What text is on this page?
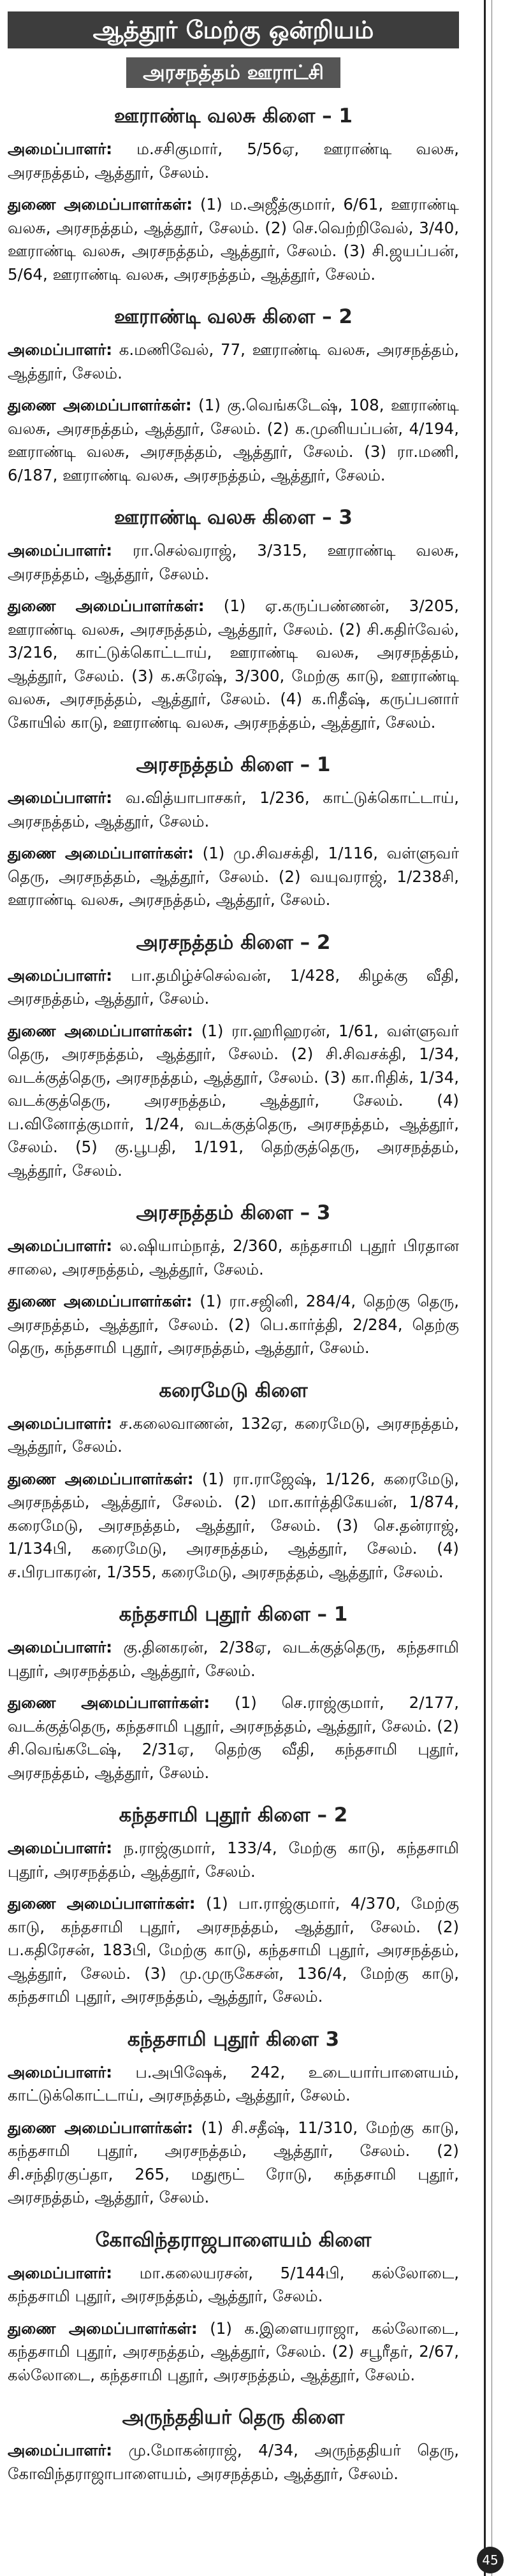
ஆத்தூர் மேற்கு ஒன்றியம்
அரசநத்தம் ஊராட்சி
ஊராண்டி வலசு கிளை – 1
அமைப்பாளர்: ம.சசிகுமார், 5/56ஏ, ஊராண்டி வலசு, அரசநத்தம், ஆத்தூர், சேலம்.
துணை அமைப்பாளர்கள்: (1) ம.அஜீத்குமார், 6/61, ஊராண்டி வலசு, அரசநத்தம், ஆத்தூர், சேலம். (2) செ.வெற்றிவேல், 3/40, ஊராண்டி வலசு, அரசநத்தம், ஆத்தூர், சேலம். (3) சி.ஜயப்பன், 5/64, ஊராண்டி வலசு, அரசநத்தம், ஆத்தூர், சேலம்.
ஊராண்டி வலசு கிளை – 2
அமைப்பாளர்: க.மணிவேல், 77, ஊராண்டி வலசு, அரசநத்தம், ஆத்தூர், சேலம்.
துணை அமைப்பாளர்கள்: (1) கு.வெங்கடேஷ், 108, ஊராண்டி வலசு, அரசநத்தம், ஆத்தூர், சேலம். (2) க.முனியப்பன், 4/194, ஊராண்டி வலசு, அரசநத்தம், ஆத்தூர், சேலம். (3) ரா.மணி, 6/187, ஊராண்டி வலசு, அரசநத்தம், ஆத்தூர், சேலம்.
ஊராண்டி வலசு கிளை – 3
அமைப்பாளர்: ரா.செல்வராஜ், 3/315, ஊராண்டி வலசு, அரசநத்தம், ஆத்தூர், சேலம்.
துணை அமைப்பாளர்கள்: (1) ஏ.கருப்பண்ணன், 3/205, ஊராண்டி வலசு, அரசநத்தம், ஆத்தூர், சேலம். (2) சி.கதிர்வேல், 3/216, காட்டுக்கொட்டாய், ஊராண்டி வலசு, அரசநத்தம், ஆத்தூர், சேலம். (3) க.சுரேஷ், 3/300, மேற்கு காடு, ஊராண்டி வலசு, அரசநத்தம், ஆத்தூர், சேலம். (4) க.ரிதீஷ், கருப்பனார் கோயில் காடு, ஊராண்டி வலசு, அரசநத்தம், ஆத்தூர், சேலம்.
அரசநத்தம் கிளை – 1
அமைப்பாளர்: வ.வித்யாபாசகர், 1/236, காட்டுக்கொட்டாய், அரசநத்தம், ஆத்தூர், சேலம்.
துணை அமைப்பாளர்கள்: (1) மு.சிவசக்தி, 1/116, வள்ளுவர் தெரு, அரசநத்தம், ஆத்தூர், சேலம். (2) வயுவராஜ், 1/238சி, ஊராண்டி வலசு, அரசநத்தம், ஆத்தூர், சேலம்.
அரசநத்தம் கிளை – 2
அமைப்பாளர்: பா.தமிழ்ச்செல்வன், 1/428, கிழக்கு வீதி, அரசநத்தம், ஆத்தூர், சேலம்.
துணை அமைப்பாளர்கள்: (1) ரா.ஹரிஹரன், 1/61, வள்ளுவர் தெரு, அரசநத்தம், ஆத்தூர், சேலம். (2) சி.சிவசக்தி, 1/34, வடக்குத்தெரு, அரசநத்தம், ஆத்தூர், சேலம். (3) கா.ரிதிக், 1/34, வடக்குத்தெரு, அரசநத்தம், ஆத்தூர், சேலம். (4) ப.வினோத்குமார், 1/24, வடக்குத்தெரு, அரசநத்தம், ஆத்தூர், சேலம். (5) கு.பூபதி, 1/191, தெற்குத்தெரு, அரசநத்தம், ஆத்தூர், சேலம்.
அரசநத்தம் கிளை – 3
அமைப்பாளர்: ல.ஷியாம்நாத், 2/360, கந்தசாமி புதூர் பிரதான சாலை, அரசநத்தம், ஆத்தூர், சேலம்.
துணை அமைப்பாளர்கள்: (1) ரா.சஜினி, 284/4, தெற்கு தெரு, அரசநத்தம், ஆத்தூர், சேலம். (2) பெ.கார்த்தி, 2/284, தெற்கு தெரு, கந்தசாமி புதூர், அரசநத்தம், ஆத்தூர், சேலம்.
கரைமேடு கிளை
அமைப்பாளர்: ச.கலைவாணன், 132ஏ, கரைமேடு, அரசநத்தம், ஆத்தூர், சேலம்.
துணை அமைப்பாளர்கள்: (1) ரா.ராஜேஷ், 1/126, கரைமேடு, அரசநத்தம், ஆத்தூர், சேலம். (2) மா.கார்த்திகேயன், 1/874, கரைமேடு, அரசநத்தம், ஆத்தூர், சேலம். (3) செ.தன்ராஜ், 1/134பி, கரைமேடு, அரசநத்தம், ஆத்தூர், சேலம். (4) ச.பிரபாகரன், 1/355, கரைமேடு, அரசநத்தம், ஆத்தூர், சேலம்.
கந்தசாமி புதூர் கிளை – 1
அமைப்பாளர்: கு.தினகரன், 2/38ஏ, வடக்குத்தெரு, கந்தசாமி புதூர், அரசநத்தம், ஆத்தூர், சேலம்.
துணை அமைப்பாளர்கள்: (1) செ.ராஜ்குமார், 2/177, வடக்குத்தெரு, கந்தசாமி புதூர், அரசநத்தம், ஆத்தூர், சேலம். (2) சி.வெங்கடேஷ், 2/31ஏ, தெற்கு வீதி, கந்தசாமி புதூர், அரசநத்தம், ஆத்தூர், சேலம்.
கந்தசாமி புதூர் கிளை – 2
அமைப்பாளர்: ந.ராஜ்குமார், 133/4, மேற்கு காடு, கந்தசாமி புதூர், அரசநத்தம், ஆத்தூர், சேலம்.
துணை அமைப்பாளர்கள்: (1) பா.ராஜ்குமார், 4/370, மேற்கு காடு, கந்தசாமி புதூர், அரசநத்தம், ஆத்தூர், சேலம். (2) ப.கதிரேசன், 183பி, மேற்கு காடு, கந்தசாமி புதூர், அரசநத்தம், ஆத்தூர், சேலம். (3) மு.முருகேசன், 136/4, மேற்கு காடு, கந்தசாமி புதூர், அரசநத்தம், ஆத்தூர், சேலம்.
கந்தசாமி புதூர் கிளை 3
அமைப்பாளர்: ப.அபிஷேக், 242, உடையார்பாளையம், காட்டுக்கொட்டாய், அரசநத்தம், ஆத்தூர், சேலம்.
துணை அமைப்பாளர்கள்: (1) சி.சதீஷ், 11/310, மேற்கு காடு, கந்தசாமி புதூர், அரசநத்தம், ஆத்தூர், சேலம். (2) சி.சந்திரகுப்தா, 265, மதுரூட் ரோடு, கந்தசாமி புதூர், அரசநத்தம், ஆத்தூர், சேலம்.
கோவிந்தராஜபாளையம் கிளை
அமைப்பாளர்: மா.கலையரசன், 5/144பி, கல்லோடை, கந்தசாமி புதூர், அரசநத்தம், ஆத்தூர், சேலம்.
துணை அமைப்பாளர்கள்: (1) க.இளையராஜா, கல்லோடை, கந்தசாமி புதூர், அரசநத்தம், ஆத்தூர், சேலம். (2) சபூரீதர், 2/67, கல்லோடை, கந்தசாமி புதூர், அரசநத்தம், ஆத்தூர், சேலம்.
அருந்ததியர் தெரு கிளை
அமைப்பாளர்: மு.மோகன்ராஜ், 4/34, அருந்ததியர் தெரு, கோவிந்தராஜாபாளையம், அரசநத்தம், ஆத்தூர், சேலம்.
45
